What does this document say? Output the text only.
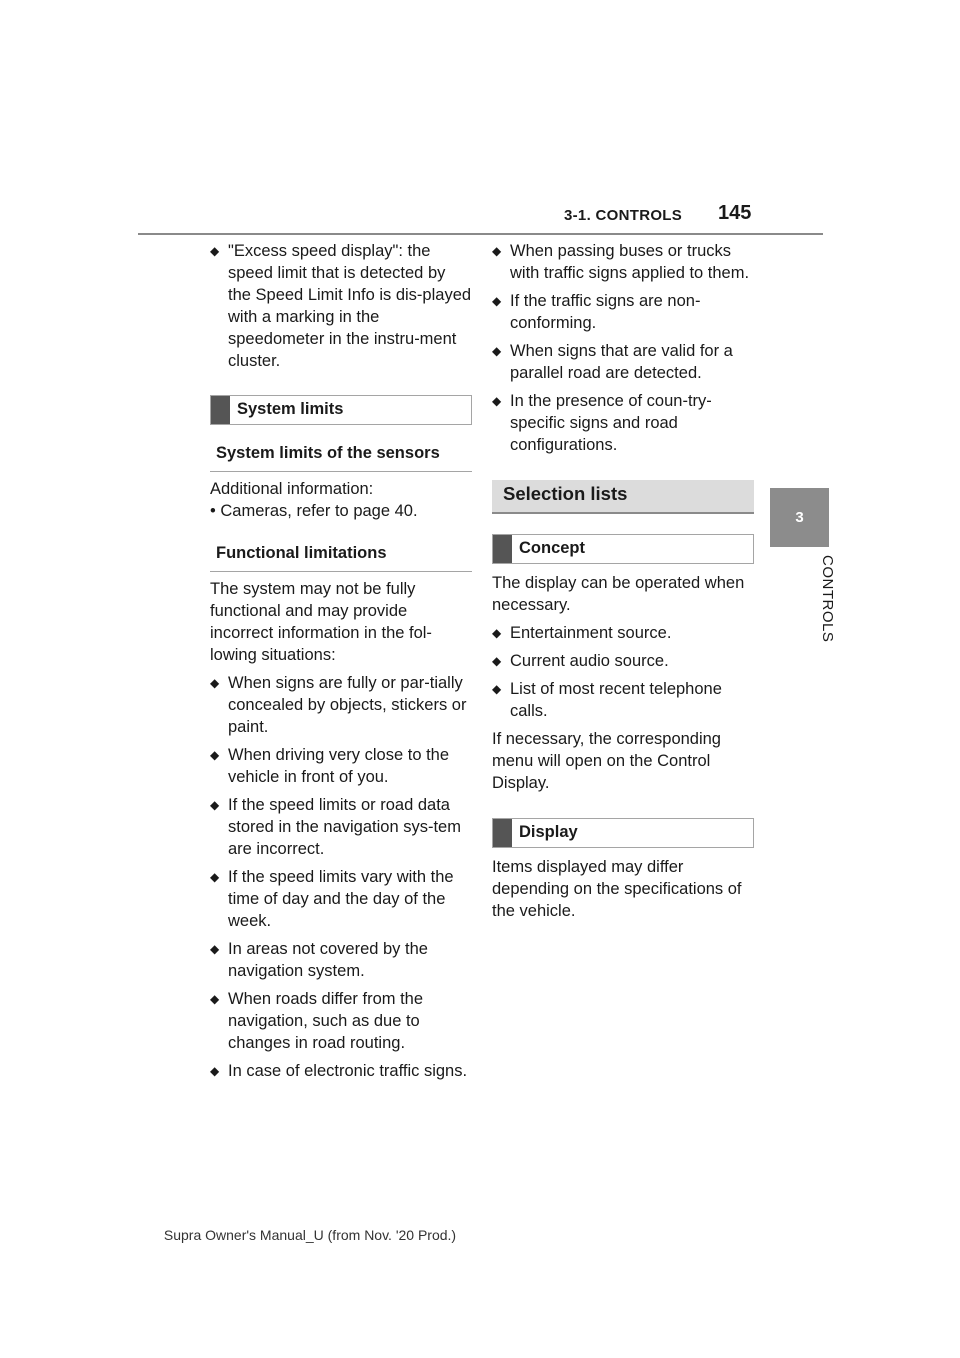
3-1. CONTROLS 145
3
CONTROLS
◆ "Excess speed display": the speed limit that is detected by the Speed Limit Info is dis-played with a marking in the speedometer in the instru-ment cluster.
System limits
System limits of the sensors
Additional information:
• Cameras, refer to page 40.
Functional limitations
The system may not be fully functional and may provide incorrect information in the fol-lowing situations:
◆ When signs are fully or par-tially concealed by objects, stickers or paint.
◆ When driving very close to the vehicle in front of you.
◆ If the speed limits or road data stored in the navigation sys-tem are incorrect.
◆ If the speed limits vary with the time of day and the day of the week.
◆ In areas not covered by the navigation system.
◆ When roads differ from the navigation, such as due to changes in road routing.
◆ In case of electronic traffic signs.
◆ When passing buses or trucks with traffic signs applied to them.
◆ If the traffic signs are non-conforming.
◆ When signs that are valid for a parallel road are detected.
◆ In the presence of coun-try-specific signs and road configurations.
Selection lists
Concept
The display can be operated when necessary.
◆ Entertainment source.
◆ Current audio source.
◆ List of most recent telephone calls.
If necessary, the corresponding menu will open on the Control Display.
Display
Items displayed may differ depending on the specifications of the vehicle.
Supra Owner's Manual_U (from Nov. '20 Prod.)
